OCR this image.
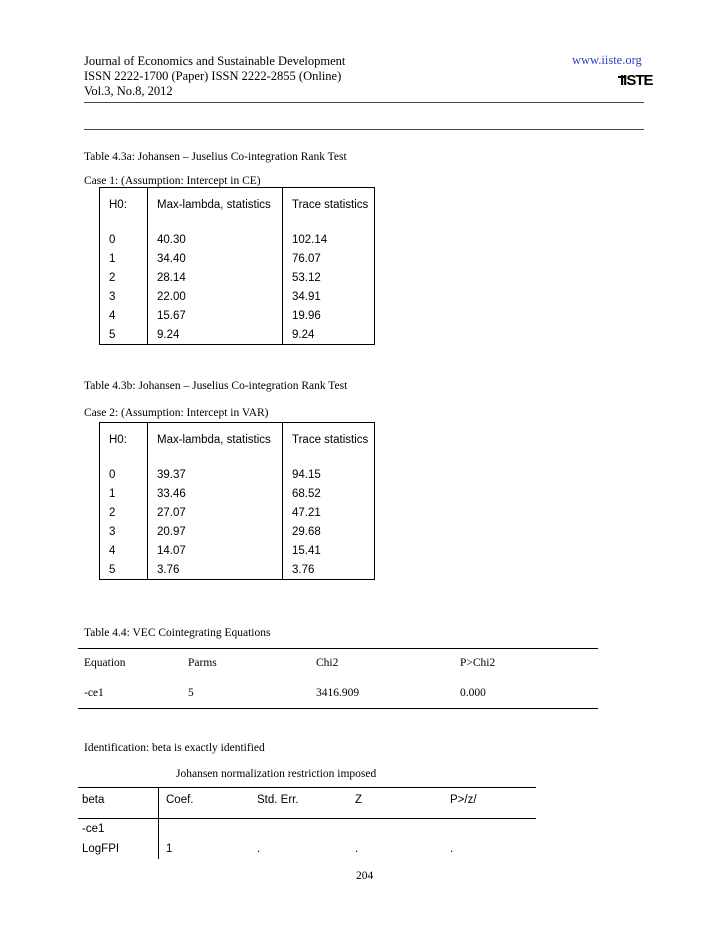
Journal of Economics and Sustainable Development
ISSN 2222-1700 (Paper) ISSN 2222-2855 (Online)
Vol.3, No.8, 2012
www.iiste.org
IISTE
Table 4.3a: Johansen – Juselius Co-integration Rank Test
Case 1: (Assumption: Intercept in CE)
H0:	Max-lambda, statistics	Trace statistics

0	40.30	102.14
1	34.40	76.07
2	28.14	53.12
3	22.00	34.91
4	15.67	19.96
5	9.24	9.24
Table 4.3b: Johansen – Juselius Co-integration Rank Test
Case 2: (Assumption: Intercept in VAR)
H0:	Max-lambda, statistics	Trace statistics

0	39.37	94.15
1	33.46	68.52
2	27.07	47.21
3	20.97	29.68
4	14.07	15.41
5	3.76	3.76
Table 4.4: VEC Cointegrating Equations
Equation	Parms	Chi2	P>Chi2
-ce1	5	3416.909	0.000
Identification: beta is exactly identified
Johansen normalization restriction imposed
beta	Coef.	Std. Err.	Z	P>/z/
-ce1
LogFPI	1	.	.	.
204
